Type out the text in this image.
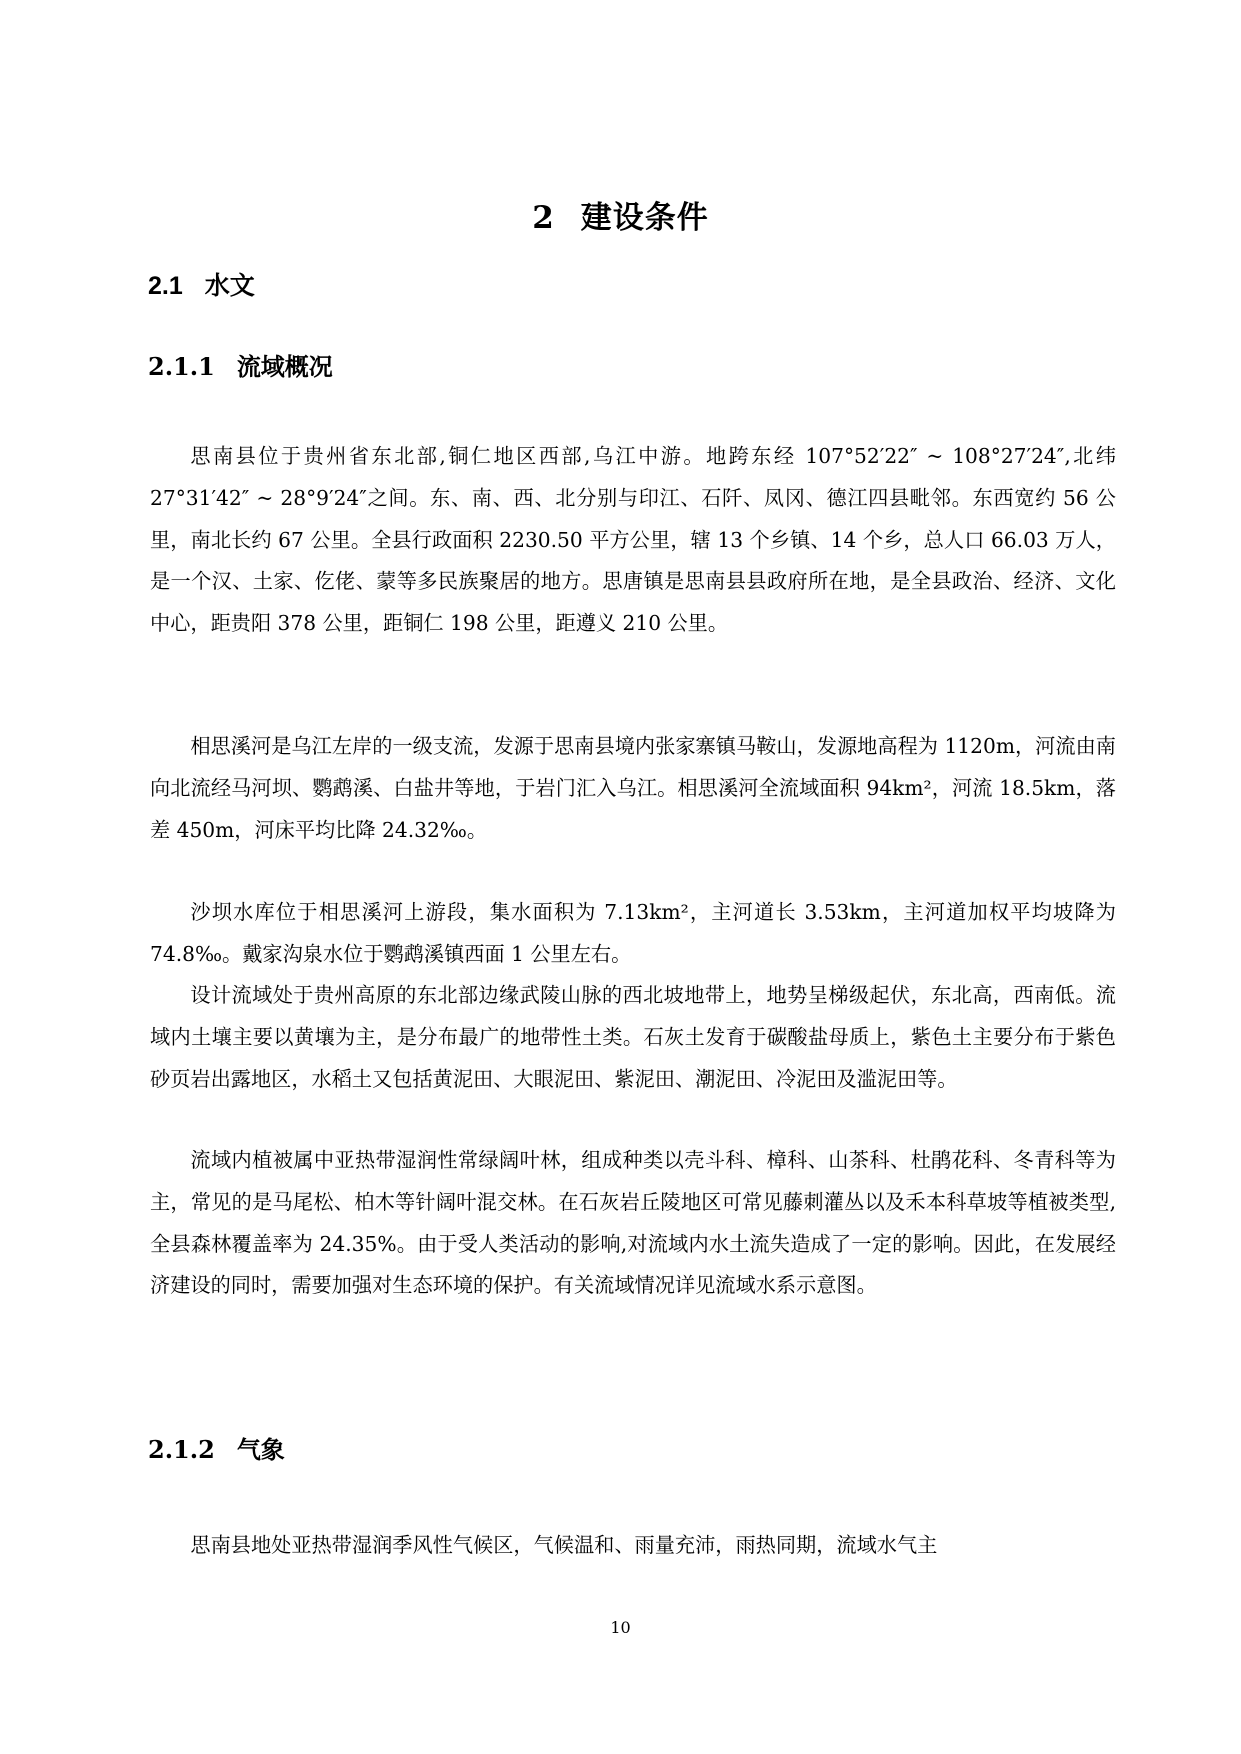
2 建设条件
2.1 水文
2.1.1 流域概况

思南县位于贵州省东北部,铜仁地区西部,乌江中游。地跨东经 107°52′22″ ~ 108°27′24″,北纬 27°31′42″ ~ 28°9′24″之间。东、南、西、北分别与印江、石阡、凤冈、德江四县毗邻。东西宽约 56 公里，南北长约 67 公里。全县行政面积 2230.50 平方公里，辖 13 个乡镇、14 个乡，总人口 66.03 万人，是一个汉、土家、仡佬、蒙等多民族聚居的地方。思唐镇是思南县县政府所在地，是全县政治、经济、文化中心，距贵阳 378 公里，距铜仁 198 公里，距遵义 210 公里。

相思溪河是乌江左岸的一级支流，发源于思南县境内张家寨镇马鞍山，发源地高程为 1120m，河流由南向北流经马河坝、鹦鹉溪、白盐井等地，于岩门汇入乌江。相思溪河全流域面积 94km²，河流 18.5km，落差 450m，河床平均比降 24.32‰。

沙坝水库位于相思溪河上游段，集水面积为 7.13km²，主河道长 3.53km，主河道加权平均坡降为 74.8‰。戴家沟泉水位于鹦鹉溪镇西面 1 公里左右。

设计流域处于贵州高原的东北部边缘武陵山脉的西北坡地带上，地势呈梯级起伏，东北高，西南低。流域内土壤主要以黄壤为主，是分布最广的地带性土类。石灰土发育于碳酸盐母质上，紫色土主要分布于紫色砂页岩出露地区，水稻土又包括黄泥田、大眼泥田、紫泥田、潮泥田、冷泥田及滥泥田等。

流域内植被属中亚热带湿润性常绿阔叶林，组成种类以壳斗科、樟科、山茶科、杜鹃花科、冬青科等为主，常见的是马尾松、柏木等针阔叶混交林。在石灰岩丘陵地区可常见藤刺灌丛以及禾本科草坡等植被类型,全县森林覆盖率为 24.35%。由于受人类活动的影响,对流域内水土流失造成了一定的影响。因此，在发展经济建设的同时，需要加强对生态环境的保护。有关流域情况详见流域水系示意图。

2.1.2 气象

思南县地处亚热带湿润季风性气候区，气候温和、雨量充沛，雨热同期，流域水气主

10
